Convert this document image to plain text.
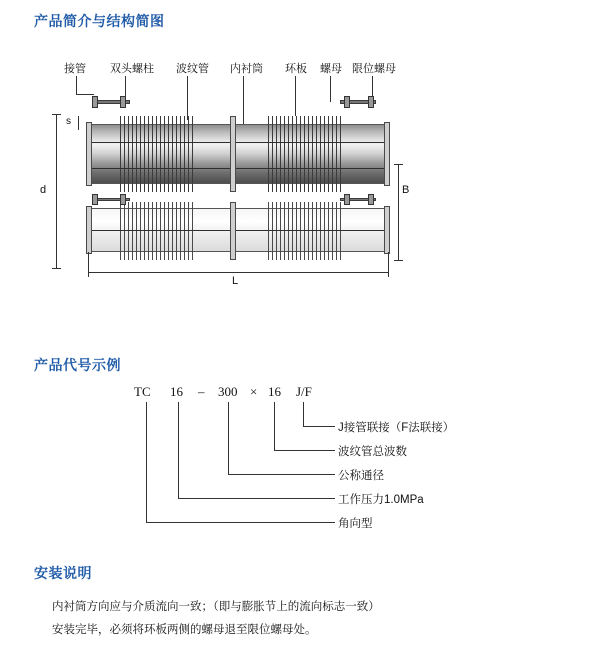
产品简介与结构简图
产品代号示例
安装说明
接管 双头螺柱 波纹管 内衬筒 环板 螺母 限位螺母
s
d	B
L
TC 16 – 300 × 16 J/F
J接管联接（F法联接）
波纹管总波数
公称通径
工作压力1.0MPa
角向型

内衬筒方向应与介质流向一致；（即与膨胀节上的流向标志一致）

安装完毕，必须将环板两侧的螺母退至限位螺母处。
